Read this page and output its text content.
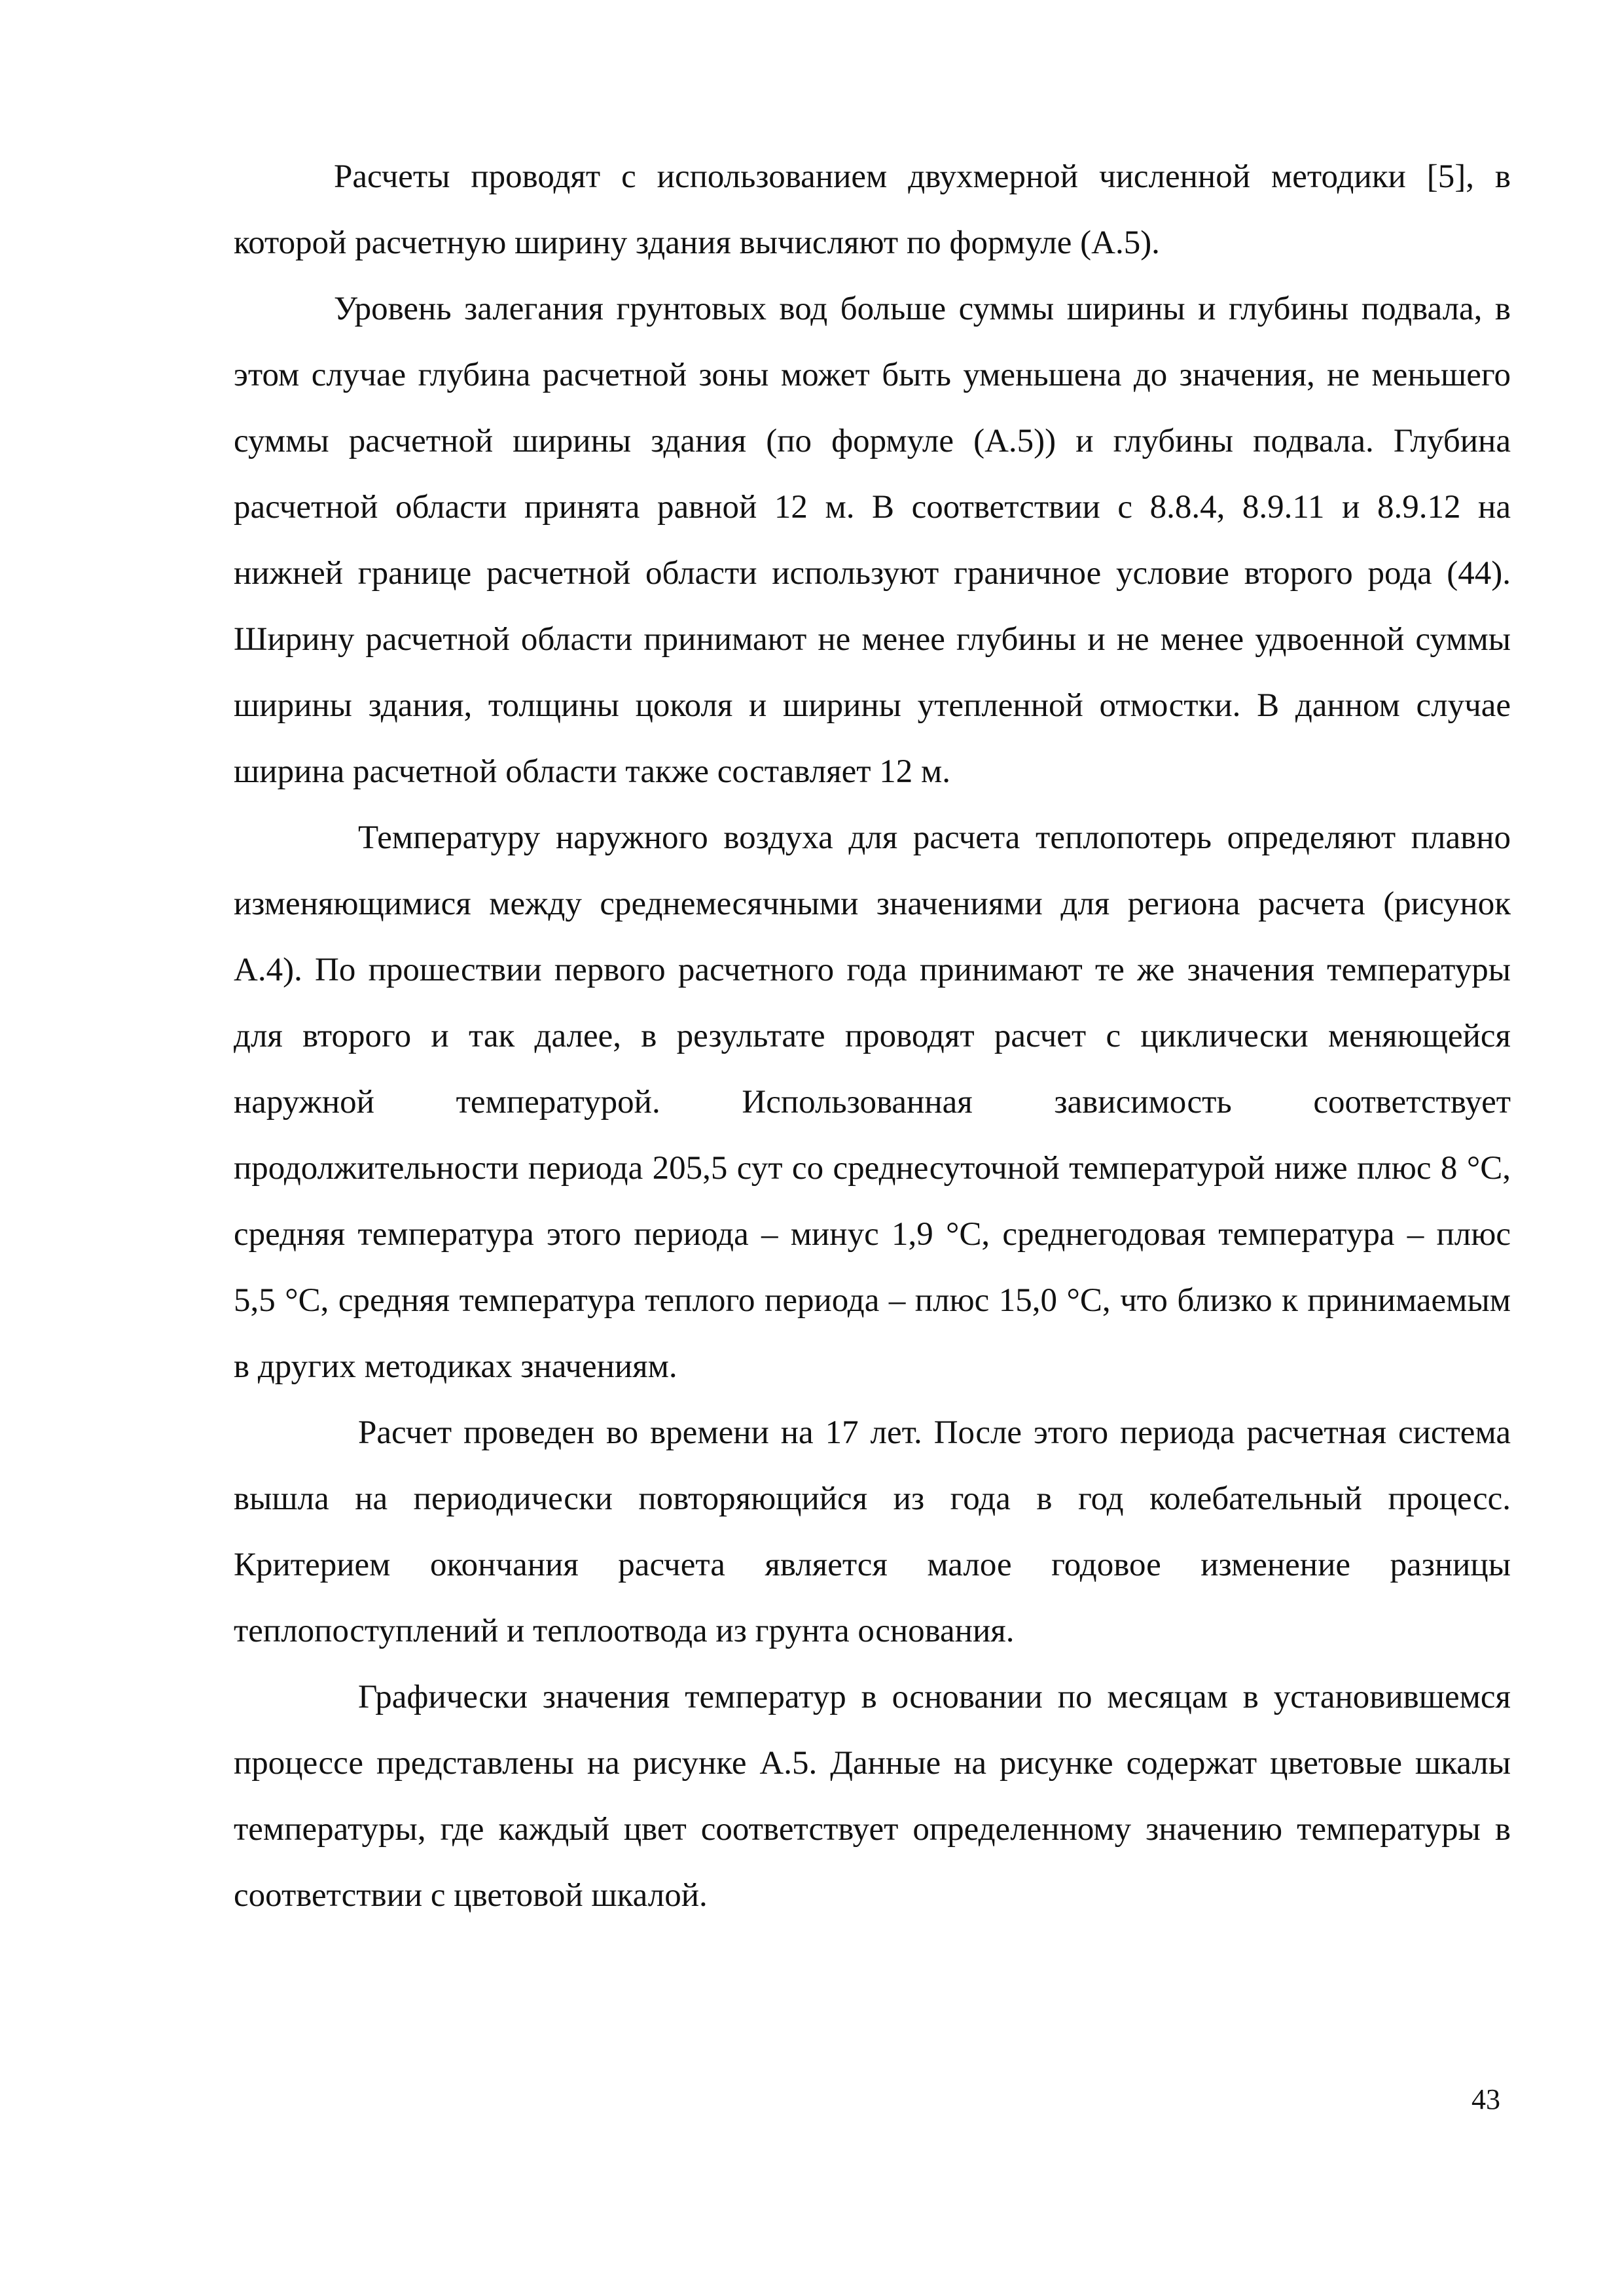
Расчеты проводят с использованием двухмерной численной методики [5], в которой расчетную ширину здания вычисляют по формуле (А.5).

Уровень залегания грунтовых вод больше суммы ширины и глубины подвала, в этом случае глубина расчетной зоны может быть уменьшена до значения, не меньшего суммы расчетной ширины здания (по формуле (А.5)) и глубины подвала. Глубина расчетной области принята равной 12 м. В соответствии с 8.8.4, 8.9.11 и 8.9.12 на нижней границе расчетной области используют граничное условие второго рода (44). Ширину расчетной области принимают не менее глубины и не менее удвоенной суммы ширины здания, толщины цоколя и ширины утепленной отмостки. В данном случае ширина расчетной области также составляет 12 м.

Температуру наружного воздуха для расчета теплопотерь определяют плавно изменяющимися между среднемесячными значениями для региона расчета (рисунок А.4). По прошествии первого расчетного года принимают те же значения температуры для второго и так далее, в результате проводят расчет с циклически меняющейся наружной температурой. Использованная зависимость соответствует продолжительности периода 205,5 сут со среднесуточной температурой ниже плюс 8 °С, средняя температура этого периода – минус 1,9 °С, среднегодовая температура – плюс 5,5 °С, средняя температура теплого периода – плюс 15,0 °С, что близко к принимаемым в других методиках значениям.

Расчет проведен во времени на 17 лет. После этого периода расчетная система вышла на периодически повторяющийся из года в год колебательный процесс. Критерием окончания расчета является малое годовое изменение разницы теплопоступлений и теплоотвода из грунта основания.

Графически значения температур в основании по месяцам в установившемся процессе представлены на рисунке А.5. Данные на рисунке содержат цветовые шкалы температуры, где каждый цвет соответствует определенному значению температуры в соответствии с цветовой шкалой.

43
